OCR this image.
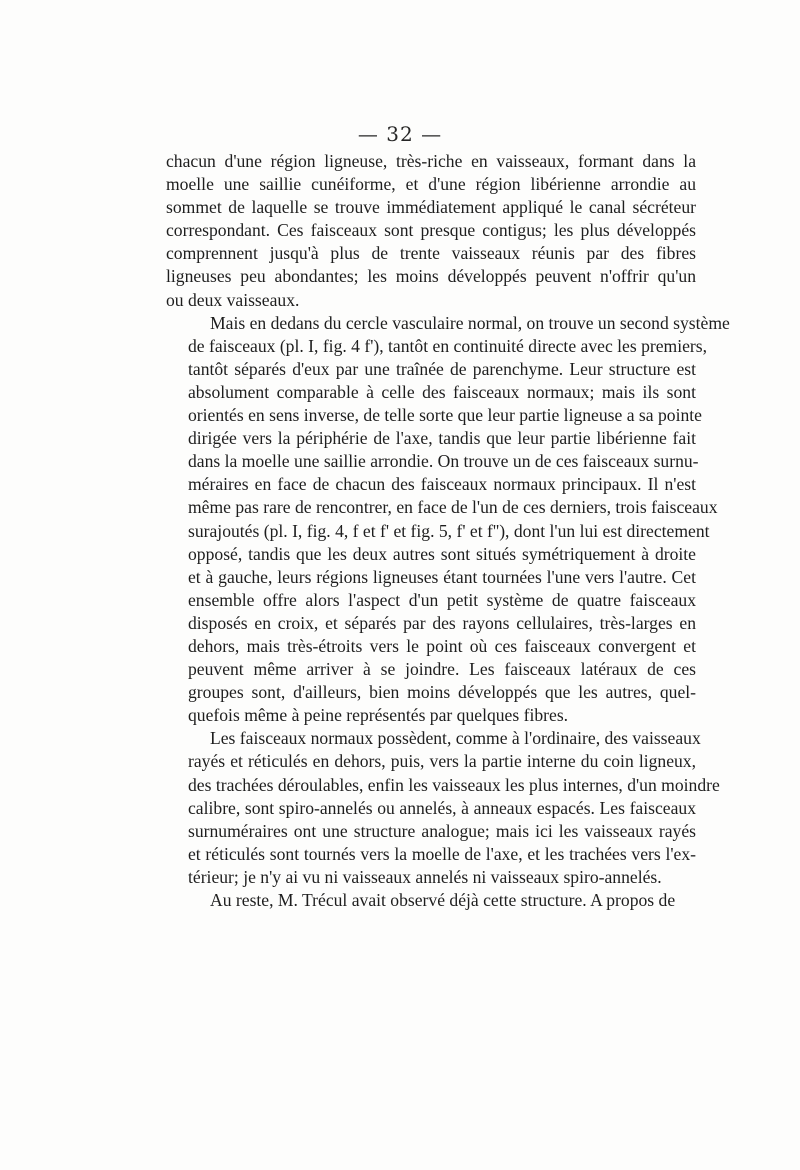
— 32 —

chacun d'une région ligneuse, très-riche en vaisseaux, formant dans la
moelle une saillie cunéiforme, et d'une région libérienne arrondie au
sommet de laquelle se trouve immédiatement appliqué le canal sécréteur
correspondant. Ces faisceaux sont presque contigus; les plus développés
comprennent jusqu'à plus de trente vaisseaux réunis par des fibres
ligneuses peu abondantes; les moins développés peuvent n'offrir qu'un
ou deux vaisseaux.

Mais en dedans du cercle vasculaire normal, on trouve un second système
de faisceaux (pl. I, fig. 4 f'), tantôt en continuité directe avec les premiers,
tantôt séparés d'eux par une traînée de parenchyme. Leur structure est
absolument comparable à celle des faisceaux normaux; mais ils sont
orientés en sens inverse, de telle sorte que leur partie ligneuse a sa pointe
dirigée vers la périphérie de l'axe, tandis que leur partie libérienne fait
dans la moelle une saillie arrondie. On trouve un de ces faisceaux surnu-
méraires en face de chacun des faisceaux normaux principaux. Il n'est
même pas rare de rencontrer, en face de l'un de ces derniers, trois faisceaux
surajoutés (pl. I, fig. 4, f et f' et fig. 5, f' et f''), dont l'un lui est directement
opposé, tandis que les deux autres sont situés symétriquement à droite
et à gauche, leurs régions ligneuses étant tournées l'une vers l'autre. Cet
ensemble offre alors l'aspect d'un petit système de quatre faisceaux
disposés en croix, et séparés par des rayons cellulaires, très-larges en
dehors, mais très-étroits vers le point où ces faisceaux convergent et
peuvent même arriver à se joindre. Les faisceaux latéraux de ces
groupes sont, d'ailleurs, bien moins développés que les autres, quel-
quefois même à peine représentés par quelques fibres.

Les faisceaux normaux possèdent, comme à l'ordinaire, des vaisseaux
rayés et réticulés en dehors, puis, vers la partie interne du coin ligneux,
des trachées déroulables, enfin les vaisseaux les plus internes, d'un moindre
calibre, sont spiro-annelés ou annelés, à anneaux espacés. Les faisceaux
surnuméraires ont une structure analogue; mais ici les vaisseaux rayés
et réticulés sont tournés vers la moelle de l'axe, et les trachées vers l'ex-
térieur; je n'y ai vu ni vaisseaux annelés ni vaisseaux spiro-annelés.

Au reste, M. Trécul avait observé déjà cette structure. A propos de
